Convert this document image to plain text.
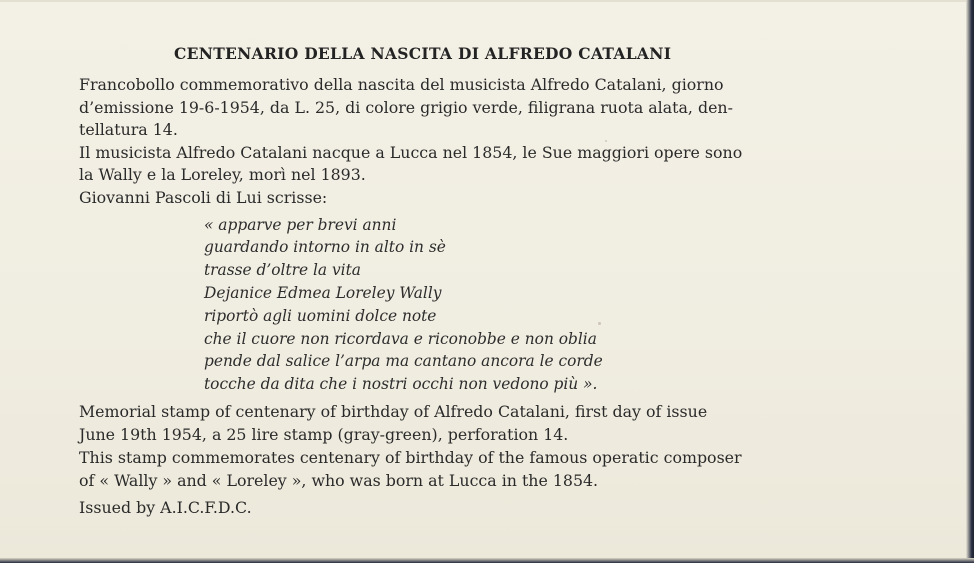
CENTENARIO DELLA NASCITA DI ALFREDO CATALANI

Francobollo commemorativo della nascita del musicista Alfredo Catalani, giorno
d’emissione 19-6-1954, da L. 25, di colore grigio verde, filigrana ruota alata, den-
tellatura 14.
Il musicista Alfredo Catalani nacque a Lucca nel 1854, le Sue maggiori opere sono
la Wally e la Loreley, morì nel 1893.
Giovanni Pascoli di Lui scrisse:

« apparve per brevi anni
guardando intorno in alto in sè
trasse d’oltre la vita
Dejanice Edmea Loreley Wally
riportò agli uomini dolce note
che il cuore non ricordava e riconobbe e non oblia
pende dal salice l’arpa ma cantano ancora le corde
tocche da dita che i nostri occhi non vedono più ».

Memorial stamp of centenary of birthday of Alfredo Catalani, first day of issue
June 19th 1954, a 25 lire stamp (gray-green), perforation 14.
This stamp commemorates centenary of birthday of the famous operatic composer
of « Wally » and « Loreley », who was born at Lucca in the 1854.

Issued by A.I.C.F.D.C.
